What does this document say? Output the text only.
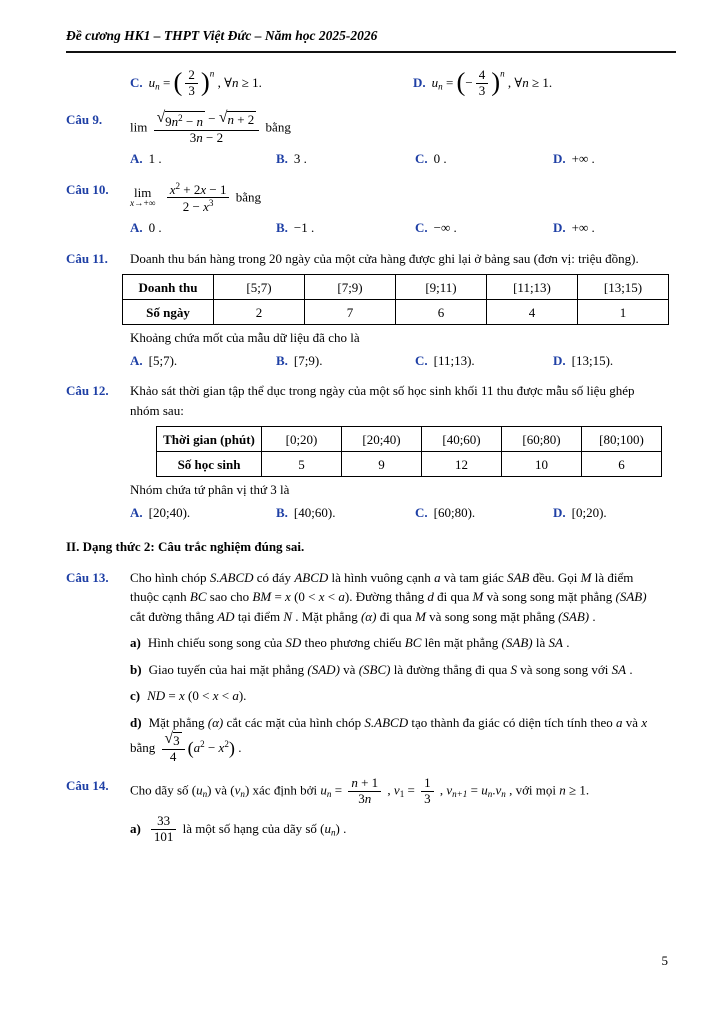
Đề cương HK1 – THPT Việt Đức – Năm học 2025-2026
C. $u_n$ = ( $\frac{2}{3} )^n$ , ∀n ≥ 1.	D. $u_n$ = (− $\frac{4}{3} )^n$ , ∀n ≥ 1.
Câu 9.	$\lim \frac{√ 9n^2 - n - √ n + 2}{3n - 2}$ bằng
A. 1 .	B. 3 .	C. 0 .	D. +∞ .
Câu 10.	lim
x→+∞
$\frac{x^2 + 2x - 1}{2 - x^3}$ bằng
A. 0 .	B. −1 .	C. −∞ .	D. +∞ .
Câu 11.	Doanh thu bán hàng trong 20 ngày của một cửa hàng được ghi lại ở bảng sau (đơn vị: triệu đồng).
Doanh thu	[5;7)	[7;9)	[9;11)	[11;13)	[13;15)
Số ngày	2	7	6	4	1
Khoảng chứa mốt của mẫu dữ liệu đã cho là
A. [5;7).	B. [7;9).	C. [11;13).	D. [13;15).
Câu 12.	Khảo sát thời gian tập thể dục trong ngày của một số học sinh khối 11 thu được mẫu số liệu ghép nhóm sau:
Thời gian (phút)	[0;20)	[20;40)	[40;60)	[60;80)	[80;100)
Số học sinh	5	9	12	10	6
Nhóm chứa tứ phân vị thứ 3 là
A. [20;40).	B. [40;60).	C. [60;80).	D. [0;20).
II. Dạng thức 2: Câu trắc nghiệm đúng sai.
Câu 13.	Cho hình chóp S.ABCD có đáy ABCD là hình vuông cạnh a và tam giác SAB đều. Gọi M là điểm thuộc cạnh BC sao cho BM = x (0 < x < a). Đường thẳng d đi qua M và song song mặt phẳng (SAB) cắt đường thẳng AD tại điểm N . Mặt phẳng (α) đi qua M và song song mặt phẳng (SAB) .
a) Hình chiếu song song của SD theo phương chiếu BC lên mặt phẳng (SAB) là SA .
b) Giao tuyến của hai mặt phẳng (SAD) và (SBC) là đường thẳng đi qua S và song song với SA .
c) ND = x (0 < x < a).
d) Mặt phẳng (α) cắt các mặt của hình chóp S.ABCD tạo thành đa giác có diện tích tính theo a và x bằng $\frac{√ 3}{4} (a^2 - x^2)$ .
Câu 14.	Cho dãy số $(u_n)$ và $(v_n)$ xác định bởi $u_n = \frac{n + 1}{3n}$ , $v_1 = \frac{1}{3}$ , $v_{n+1} = u_n.v_n$ , với mọi n ≥ 1.
$a) \frac{33}{101}$ là một số hạng của dãy số $(u_n)$ .
5
